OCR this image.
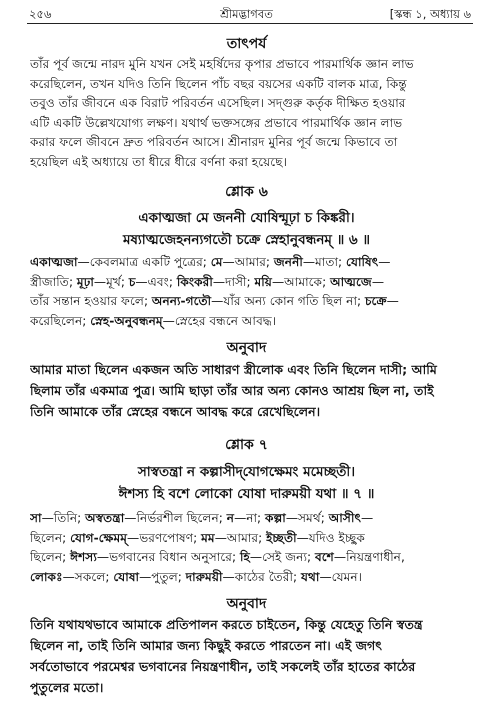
২৫৬	শ্রীমদ্ভাগবত	[স্কন্ধ ১, অধ্যায় ৬
তাৎপর্য
তাঁর পূর্ব জন্মে নারদ মুনি যখন সেই মহর্ষিদের কৃপার প্রভাবে পারমার্থিক জ্ঞান লাভ
করেছিলেন, তখন যদিও তিনি ছিলেন পাঁচ বছর বয়সের একটি বালক মাত্র, কিন্তু
তবুও তাঁর জীবনে এক বিরাট পরিবর্তন এসেছিল। সদ্গুরু কর্তৃক দীক্ষিত হওয়ার
এটি একটি উল্লেখযোগ্য লক্ষণ। যথার্থ ভক্তসঙ্গের প্রভাবে পারমার্থিক জ্ঞান লাভ
করার ফলে জীবনে দ্রুত পরিবর্তন আসে। শ্রীনারদ মুনির পূর্ব জন্মে কিভাবে তা
হয়েছিল এই অধ্যায়ে তা ধীরে ধীরে বর্ণনা করা হয়েছে।
শ্লোক ৬
একাত্মজা মে জননী যোষিন্মূঢ়া চ কিঙ্করী।
মষ্যাত্মজেহনন্যগতৌ চক্রে স্নেহানুবন্ধনম্ ॥ ৬ ॥
একাত্মজা—কেবলমাত্র একটি পুত্রের; মে—আমার; জননী—মাতা; যোষিৎ—
স্ত্রীজাতি; মূঢ়া—মূর্খ; চ—এবং; কিংকরী—দাসী; ময়ি—আমাকে; আত্মজে—
তাঁর সন্তান হওয়ার ফলে; অনন্য-গতৌ—যাঁর অন্য কোন গতি ছিল না; চক্রে—
করেছিলেন; স্নেহ-অনুবন্ধনম্—স্নেহের বন্ধনে আবদ্ধ।
অনুবাদ
আমার মাতা ছিলেন একজন অতি সাধারণ স্ত্রীলোক এবং তিনি ছিলেন দাসী; আমি
ছিলাম তাঁর একমাত্র পুত্র। আমি ছাড়া তাঁর আর অন্য কোনও আশ্রয় ছিল না, তাই
তিনি আমাকে তাঁর স্নেহের বন্ধনে আবদ্ধ করে রেখেছিলেন।
শ্লোক ৭
সাস্বতন্ত্রা ন কল্পাসীদ্‌যোগক্ষেমং মমেচ্ছতী।
ঈশস্য হি বশে লোকো যোষা দারুময়ী যথা ॥ ৭ ॥
সা—তিনি; অস্বতন্ত্রা—নির্ভরশীল ছিলেন; ন—না; কল্পা—সমর্থ; আসীৎ—
ছিলেন; যোগ-ক্ষেমম্—ভরণপোষণ; মম—আমার; ইচ্ছতী—যদিও ইচ্ছুক
ছিলেন; ঈশস্য—ভগবানের বিধান অনুসারে; হি—সেই জন্য; বশে—নিয়ন্ত্রণাধীন,
লোকঃ—সকলে; যোষা—পুতুল; দারুময়ী—কাঠের তৈরী; যথা—যেমন।
অনুবাদ
তিনি যথাযথভাবে আমাকে প্রতিপালন করতে চাইতেন, কিন্তু যেহেতু তিনি স্বতন্ত্র
ছিলেন না, তাই তিনি আমার জন্য কিছুই করতে পারতেন না। এই জগৎ
সর্বতোভাবে পরমেশ্বর ভগবানের নিয়ন্ত্রণাধীন, তাই সকলেই তাঁর হাতের কাঠের
পুতুলের মতো।
